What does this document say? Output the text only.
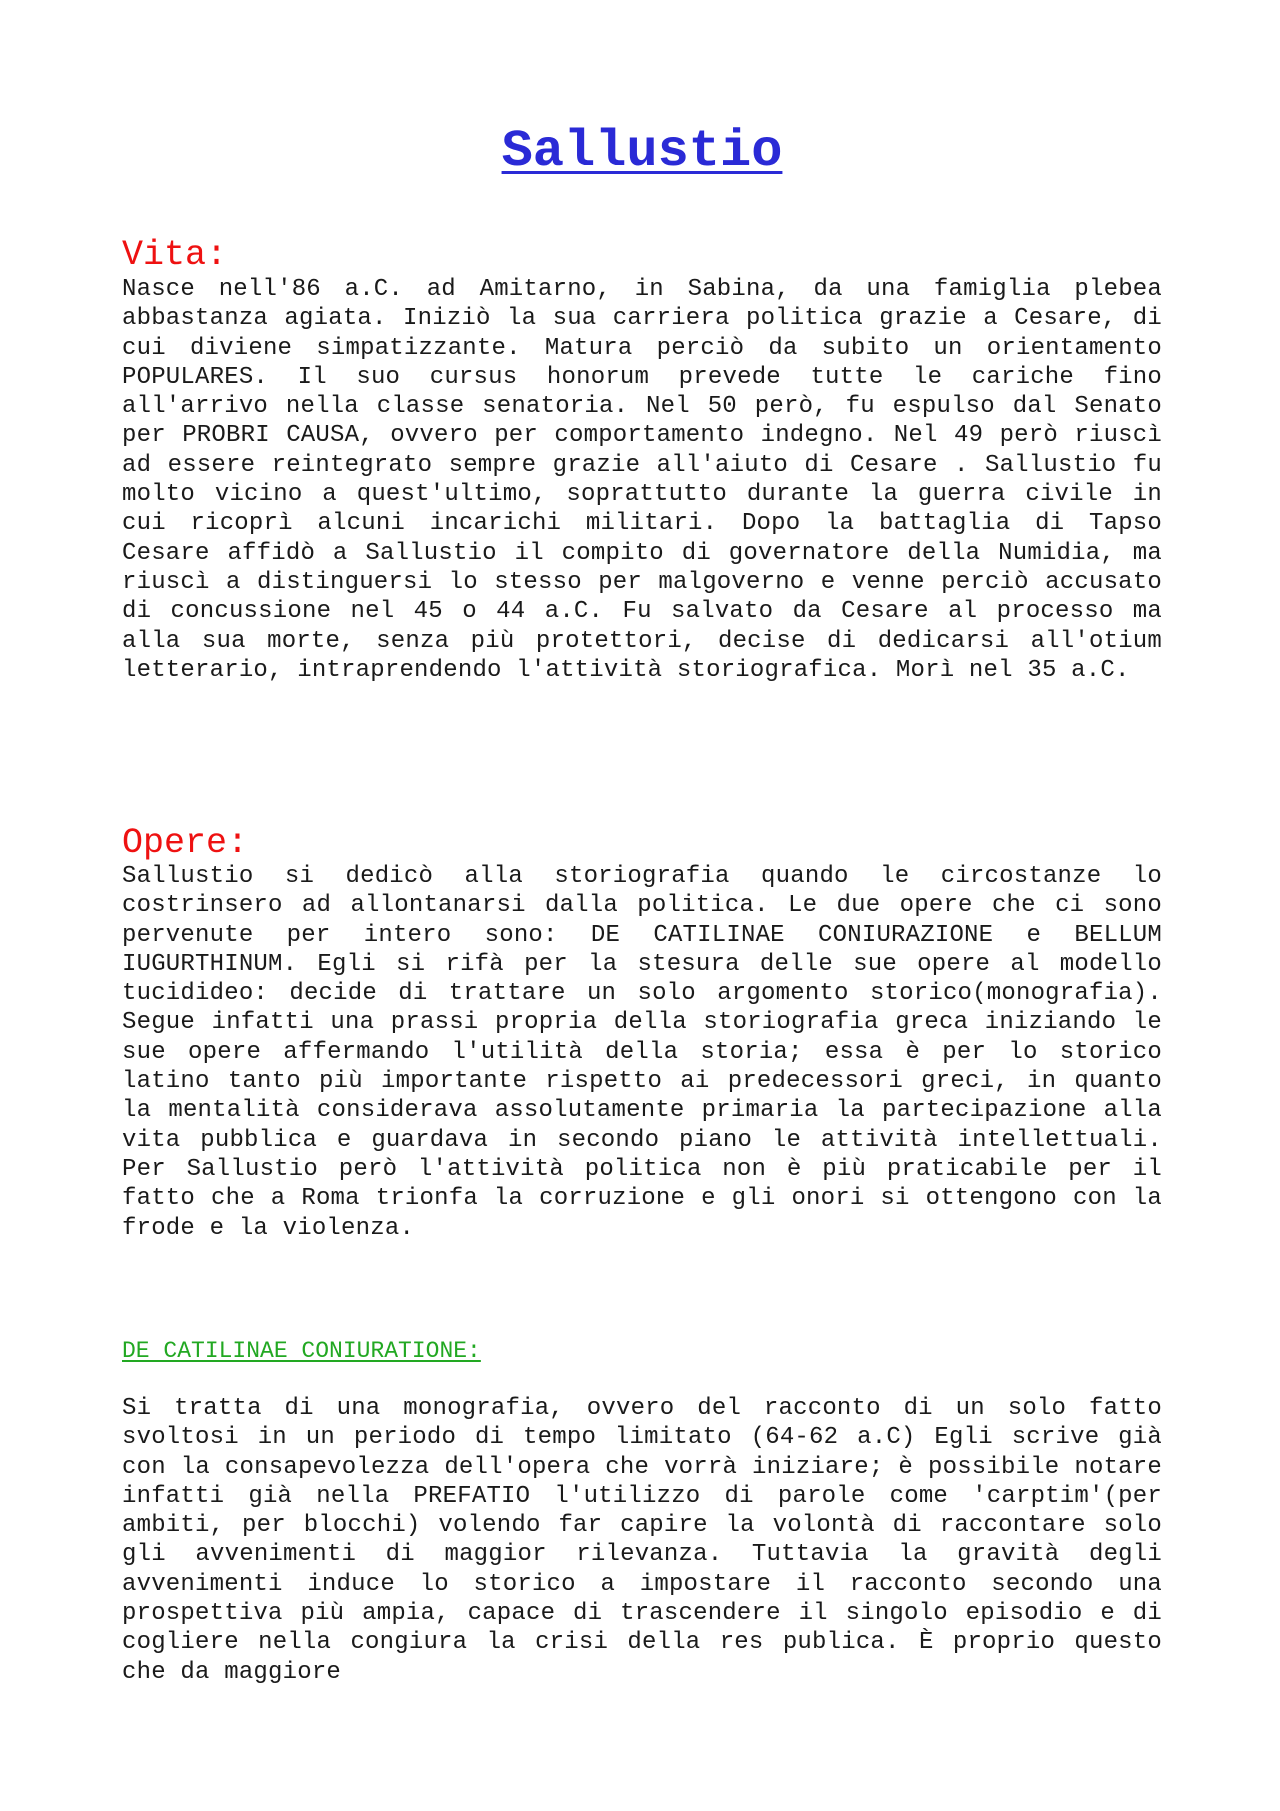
Sallustio
Vita:

Nasce nell'86 a.C. ad Amitarno, in Sabina, da una famiglia plebea abbastanza agiata. Iniziò la sua carriera politica grazie a Cesare, di cui diviene simpatizzante. Matura perciò da subito un orientamento POPULARES. Il suo cursus honorum prevede tutte le cariche fino all'arrivo nella classe senatoria. Nel 50 però, fu espulso dal Senato per PROBRI CAUSA, ovvero per comportamento indegno. Nel 49 però riuscì ad essere reintegrato sempre grazie all'aiuto di Cesare . Sallustio fu molto vicino a quest'ultimo, soprattutto durante la guerra civile in cui ricoprì alcuni incarichi militari. Dopo la battaglia di Tapso Cesare affidò a Sallustio il compito di governatore della Numidia, ma riuscì a distinguersi lo stesso per malgoverno e venne perciò accusato di concussione nel 45 o 44 a.C. Fu salvato da Cesare al processo ma alla sua morte, senza più protettori, decise di dedicarsi all'otium letterario, intraprendendo l'attività storiografica. Morì nel 35 a.C.

Opere:

Sallustio si dedicò alla storiografia quando le circostanze lo costrinsero ad allontanarsi dalla politica. Le due opere che ci sono pervenute per intero sono: DE CATILINAE CONIURAZIONE e BELLUM IUGURTHINUM. Egli si rifà per la stesura delle sue opere al modello tucidideo: decide di trattare un solo argomento storico(monografia). Segue infatti una prassi propria della storiografia greca iniziando le sue opere affermando l'utilità della storia; essa è per lo storico latino tanto più importante rispetto ai predecessori greci, in quanto la mentalità considerava assolutamente primaria la partecipazione alla vita pubblica e guardava in secondo piano le attività intellettuali. Per Sallustio però l'attività politica non è più praticabile per il fatto che a Roma trionfa la corruzione e gli onori si ottengono con la frode e la violenza.

DE CATILINAE CONIURATIONE:

Si tratta di una monografia, ovvero del racconto di un solo fatto svoltosi in un periodo di tempo limitato (64-62 a.C) Egli scrive già con la consapevolezza dell'opera che vorrà iniziare; è possibile notare infatti già nella PREFATIO l'utilizzo di parole come 'carptim'(per ambiti, per blocchi) volendo far capire la volontà di raccontare solo gli avvenimenti di maggior rilevanza. Tuttavia la gravità degli avvenimenti induce lo storico a impostare il racconto secondo una prospettiva più ampia, capace di trascendere il singolo episodio e di cogliere nella congiura la crisi della res publica. È proprio questo che da maggiore
